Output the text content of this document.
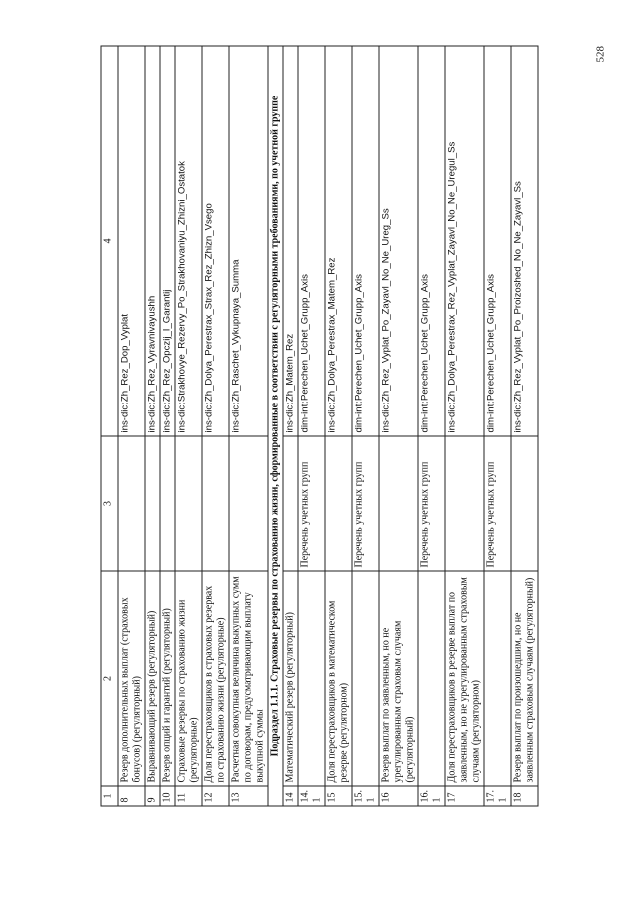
528
1	2	3	4
8	Резерв дополнительных выплат (страховых бонусов) (регуляторный)		ins-dic:Zh_Rez_Dop_Vyplat
9	Выравнивающий резерв (регуляторный)		ins-dic:Zh_Rez_Vyravnivayushh
10	Резерв опций и гарантий (регуляторный)		ins-dic:Zh_Rez_Opczij_I_Garantij
11	Страховые резервы по страхованию жизни (регуляторные)		ins-dic:Strakhovye_Rezervy_Po_Strakhovaniyu_Zhizni_Ostatok
12	Доля перестраховщиков в страховых резервах по страхованию жизни (регуляторные)		ins-dic:Zh_Dolya_Perestrax_Strax_Rez_Zhizn_Vsego
13	Расчетная совокупная величина выкупных сумм по договорам, предусматривающим выплату выкупной суммы		ins-dic:Zh_Raschet_Vykupnaya_Summa
Подраздел 1.1.1. Страховые резервы по страхованию жизни, сформированные в соответствии с регуляторными требованиями, по учетной группе			
14	Математический резерв (регуляторный)		ins-dic:Zh_Matem_Rez
14.1		Перечень учетных групп	dim-int:Perechen_Uchet_Grupp_Axis
15	Доля перестраховщиков в математическом резерве (регуляторном)		ins-dic:Zh_Dolya_Perestrax_Matem_Rez
15.1		Перечень учетных групп	dim-int:Perechen_Uchet_Grupp_Axis
16	Резерв выплат по заявленным, но не урегулированным страховым случаям (регуляторный)		ins-dic:Zh_Rez_Vyplat_Po_Zayavl_No_Ne_Ureg_Ss
16.1		Перечень учетных групп	dim-int:Perechen_Uchet_Grupp_Axis
17	Доля перестраховщиков в резерве выплат по заявленным, но не урегулированным страховым случаям (регуляторном)		ins-dic:Zh_Dolya_Perestrax_Rez_Vyplat_Zayavl_No_Ne_Uregul_Ss
17.1		Перечень учетных групп	dim-int:Perechen_Uchet_Grupp_Axis
18	Резерв выплат по произошедшим, но не заявленным страховым случаям (регуляторный)		ins-dic:Zh_Rez_Vyplat_Po_Proizoshed_No_Ne_Zayavl_Ss
